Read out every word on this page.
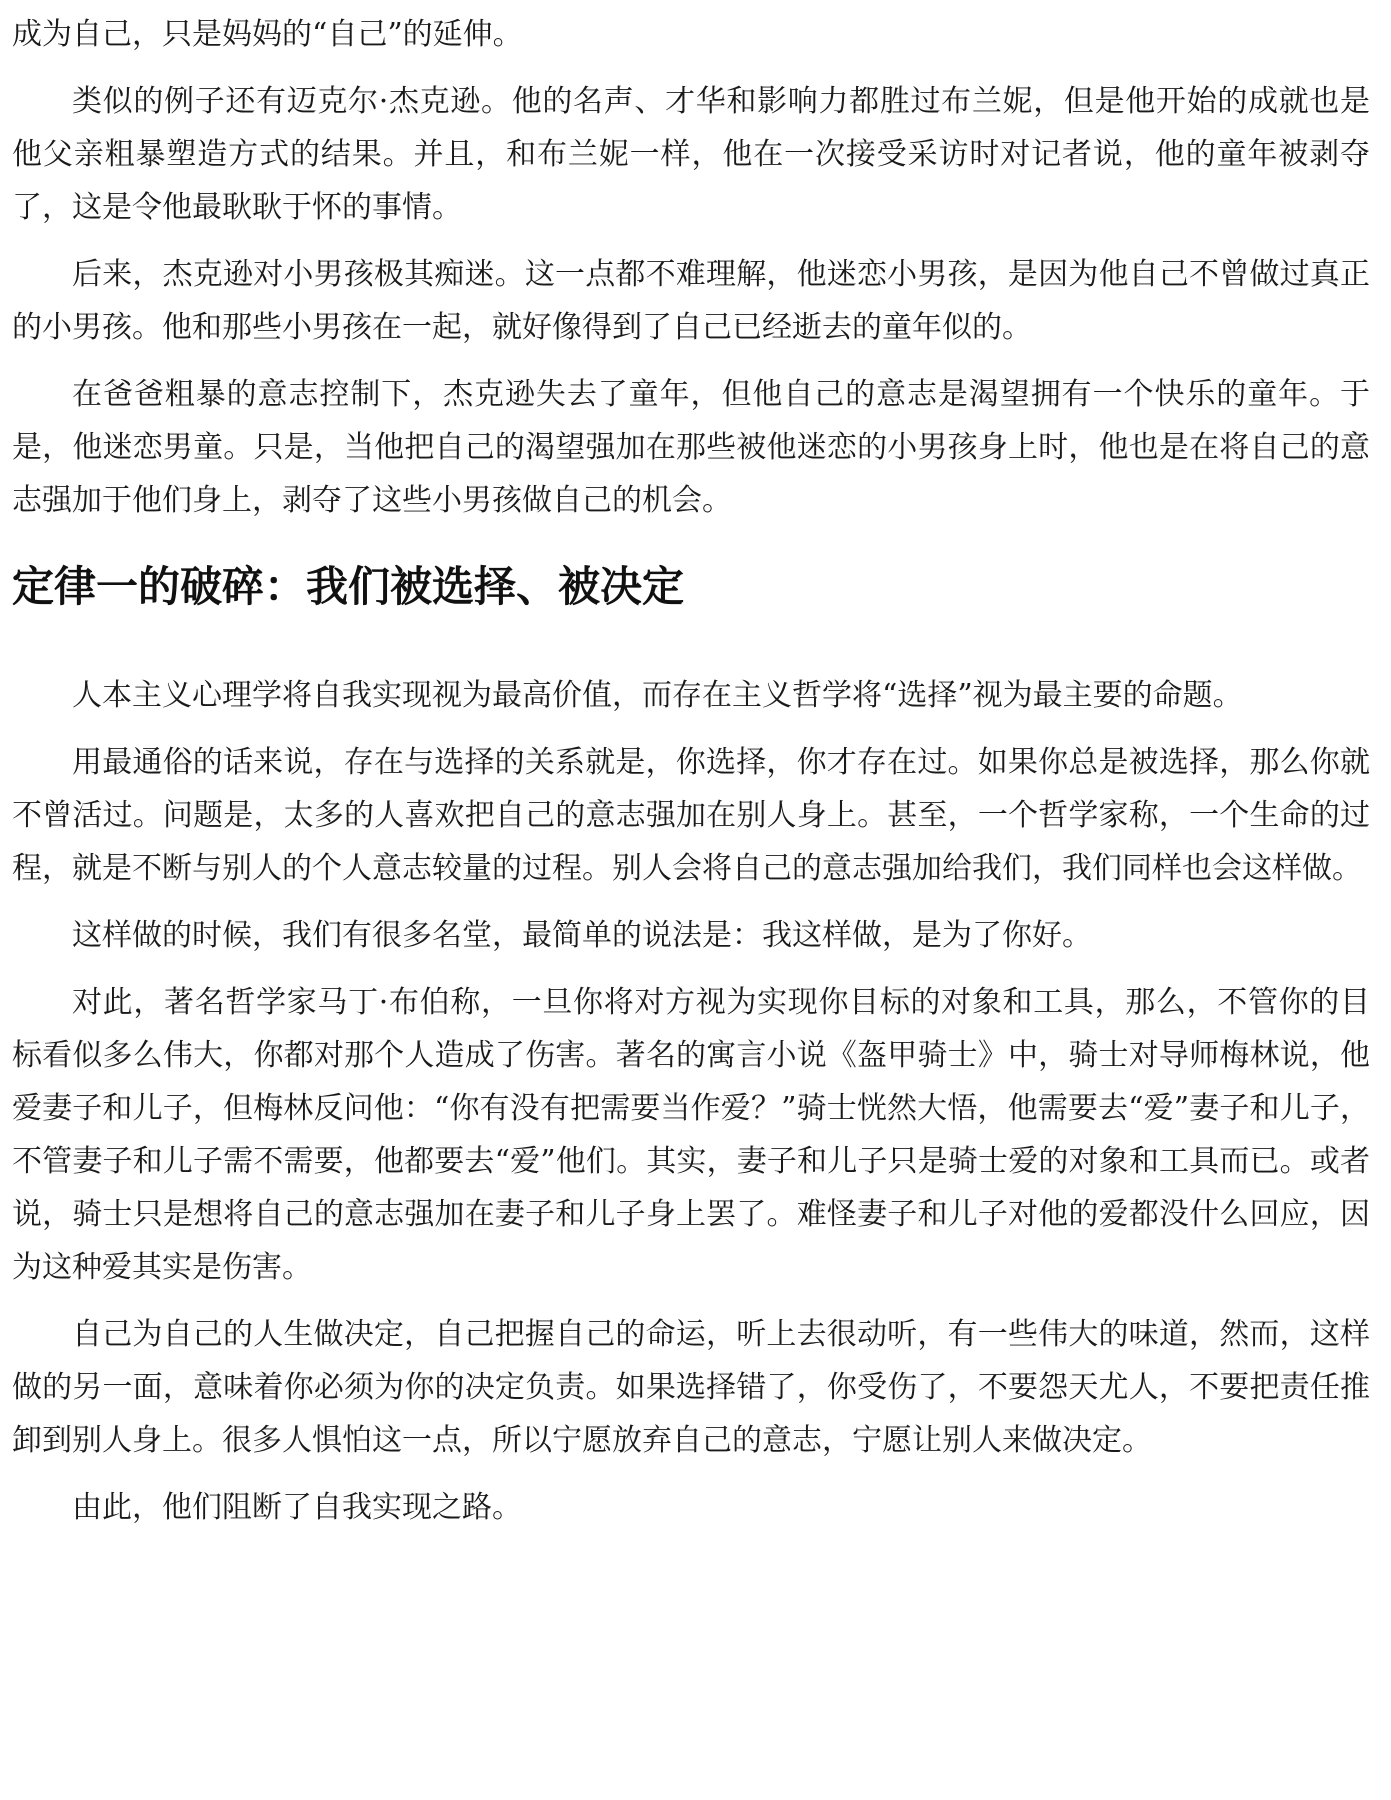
成为自己，只是妈妈的“自己”的延伸。

类似的例子还有迈克尔·杰克逊。他的名声、才华和影响力都胜过布兰妮，但是他开始的成就也是他父亲粗暴塑造方式的结果。并且，和布兰妮一样，他在一次接受采访时对记者说，他的童年被剥夺了，这是令他最耿耿于怀的事情。

后来，杰克逊对小男孩极其痴迷。这一点都不难理解，他迷恋小男孩，是因为他自己不曾做过真正的小男孩。他和那些小男孩在一起，就好像得到了自己已经逝去的童年似的。

在爸爸粗暴的意志控制下，杰克逊失去了童年，但他自己的意志是渴望拥有一个快乐的童年。于是，他迷恋男童。只是，当他把自己的渴望强加在那些被他迷恋的小男孩身上时，他也是在将自己的意志强加于他们身上，剥夺了这些小男孩做自己的机会。

定律一的破碎：我们被选择、被决定

人本主义心理学将自我实现视为最高价值，而存在主义哲学将“选择”视为最主要的命题。

用最通俗的话来说，存在与选择的关系就是，你选择，你才存在过。如果你总是被选择，那么你就不曾活过。问题是，太多的人喜欢把自己的意志强加在别人身上。甚至，一个哲学家称，一个生命的过程，就是不断与别人的个人意志较量的过程。别人会将自己的意志强加给我们，我们同样也会这样做。

这样做的时候，我们有很多名堂，最简单的说法是：我这样做，是为了你好。

对此，著名哲学家马丁·布伯称，一旦你将对方视为实现你目标的对象和工具，那么，不管你的目标看似多么伟大，你都对那个人造成了伤害。著名的寓言小说《盔甲骑士》中，骑士对导师梅林说，他爱妻子和儿子，但梅林反问他：“你有没有把需要当作爱？”骑士恍然大悟，他需要去“爱”妻子和儿子，不管妻子和儿子需不需要，他都要去“爱”他们。其实，妻子和儿子只是骑士爱的对象和工具而已。或者说，骑士只是想将自己的意志强加在妻子和儿子身上罢了。难怪妻子和儿子对他的爱都没什么回应，因为这种爱其实是伤害。

自己为自己的人生做决定，自己把握自己的命运，听上去很动听，有一些伟大的味道，然而，这样做的另一面，意味着你必须为你的决定负责。如果选择错了，你受伤了，不要怨天尤人，不要把责任推卸到别人身上。很多人惧怕这一点，所以宁愿放弃自己的意志，宁愿让别人来做决定。

由此，他们阻断了自我实现之路。
